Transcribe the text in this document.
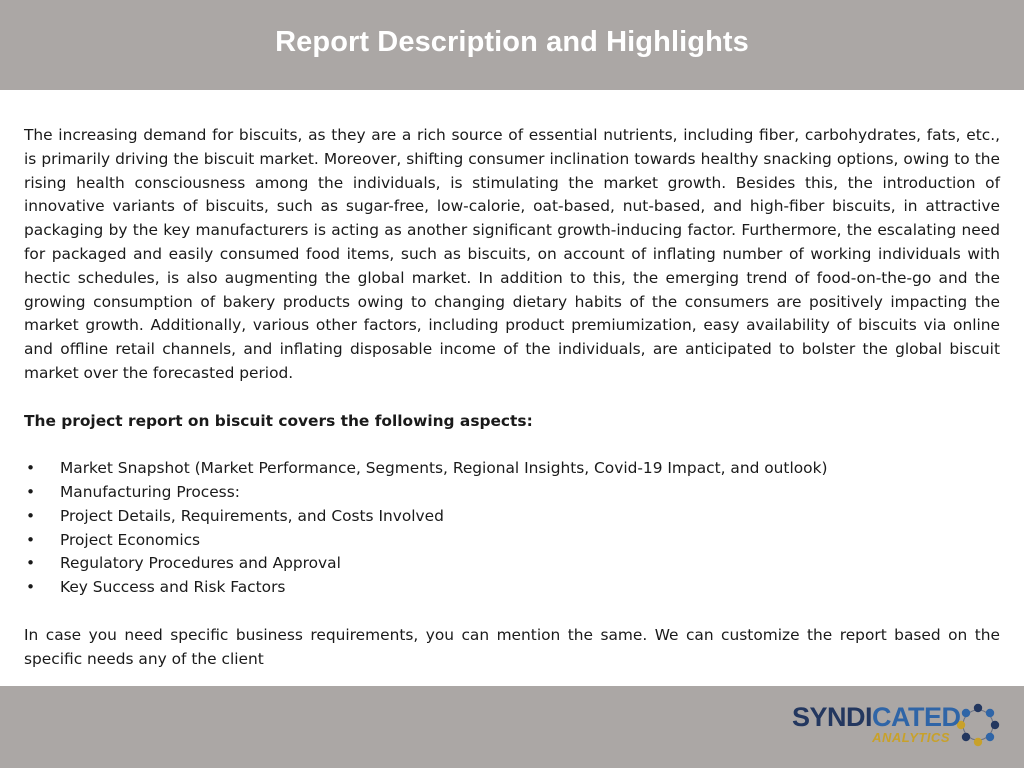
Report Description and Highlights

The increasing demand for biscuits, as they are a rich source of essential nutrients, including fiber, carbohydrates, fats, etc., is primarily driving the biscuit market. Moreover, shifting consumer inclination towards healthy snacking options, owing to the rising health consciousness among the individuals, is stimulating the market growth. Besides this, the introduction of innovative variants of biscuits, such as sugar-free, low-calorie, oat-based, nut-based, and high-fiber biscuits, in attractive packaging by the key manufacturers is acting as another significant growth-inducing factor. Furthermore, the escalating need for packaged and easily consumed food items, such as biscuits, on account of inflating number of working individuals with hectic schedules, is also augmenting the global market. In addition to this, the emerging trend of food-on-the-go and the growing consumption of bakery products owing to changing dietary habits of the consumers are positively impacting the market growth. Additionally, various other factors, including product premiumization, easy availability of biscuits via online and offline retail channels, and inflating disposable income of the individuals, are anticipated to bolster the global biscuit market over the forecasted period.

The project report on biscuit covers the following aspects:

• Market Snapshot (Market Performance, Segments, Regional Insights, Covid-19 Impact, and outlook)
• Manufacturing Process:
• Project Details, Requirements, and Costs Involved
• Project Economics
• Regulatory Procedures and Approval
• Key Success and Risk Factors

In case you need specific business requirements, you can mention the same. We can customize the report based on the specific needs any of the client

SYNDICATED
ANALYTICS
